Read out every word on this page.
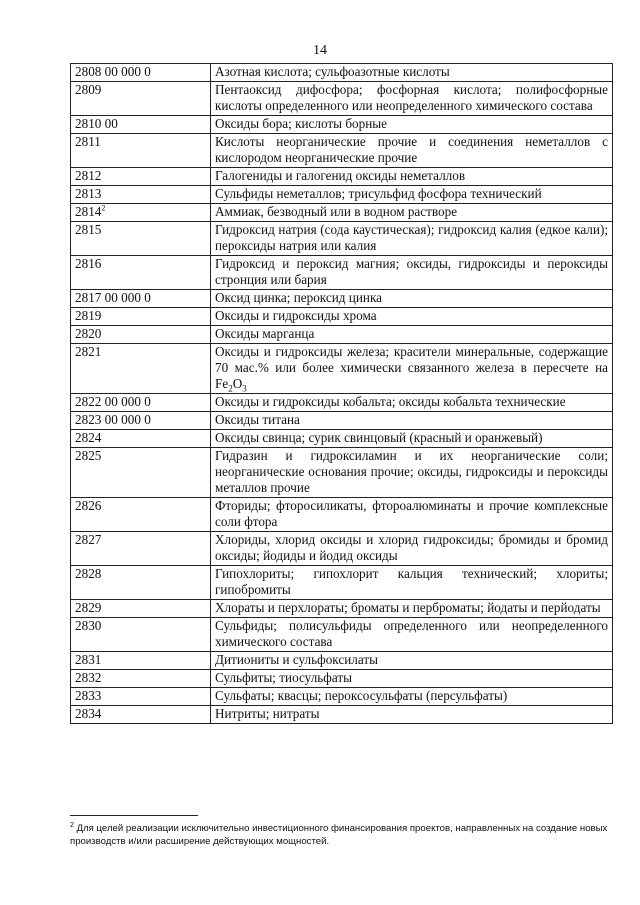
14
2808 00 000 0	Азотная кислота; сульфоазотные кислоты
2809	Пентаоксид дифосфора; фосфорная кислота; полифосфорные кислоты определенного или неопределенного химического состава
2810 00	Оксиды бора; кислоты борные
2811	Кислоты неорганические прочие и соединения неметаллов с кислородом неорганические прочие
2812	Галогениды и галогенид оксиды неметаллов
2813	Сульфиды неметаллов; трисульфид фосфора технический
2814$^2$	Аммиак, безводный или в водном растворе
2815	Гидроксид натрия (сода каустическая); гидроксид калия (едкое кали); пероксиды натрия или калия
2816	Гидроксид и пероксид магния; оксиды, гидроксиды и пероксиды стронция или бария
2817 00 000 0	Оксид цинка; пероксид цинка
2819	Оксиды и гидроксиды хрома
2820	Оксиды марганца
2821	Оксиды и гидроксиды железа; красители минеральные, содержащие 70 мас.% или более химически связанного железа в пересчете на $Fe_2O_3$
2822 00 000 0	Оксиды и гидроксиды кобальта; оксиды кобальта технические
2823 00 000 0	Оксиды титана
2824	Оксиды свинца; сурик свинцовый (красный и оранжевый)
2825	Гидразин и гидроксиламин и их неорганические соли; неорганические основания прочие; оксиды, гидроксиды и пероксиды металлов прочие
2826	Фториды; фторосиликаты, фтороалюминаты и прочие комплексные соли фтора
2827	Хлориды, хлорид оксиды и хлорид гидроксиды; бромиды и бромид оксиды; йодиды и йодид оксиды
2828	Гипохлориты; гипохлорит кальция технический; хлориты; гипобромиты
2829	Хлораты и перхлораты; броматы и перброматы; йодаты и перйодаты
2830	Сульфиды; полисульфиды определенного или неопределенного химического состава
2831	Дитиониты и сульфоксилаты
2832	Сульфиты; тиосульфаты
2833	Сульфаты; квасцы; пероксосульфаты (персульфаты)
2834	Нитриты; нитраты
$^2$ Для целей реализации исключительно инвестиционного финансирования проектов, направленных на создание новых производств и/или расширение действующих мощностей.
